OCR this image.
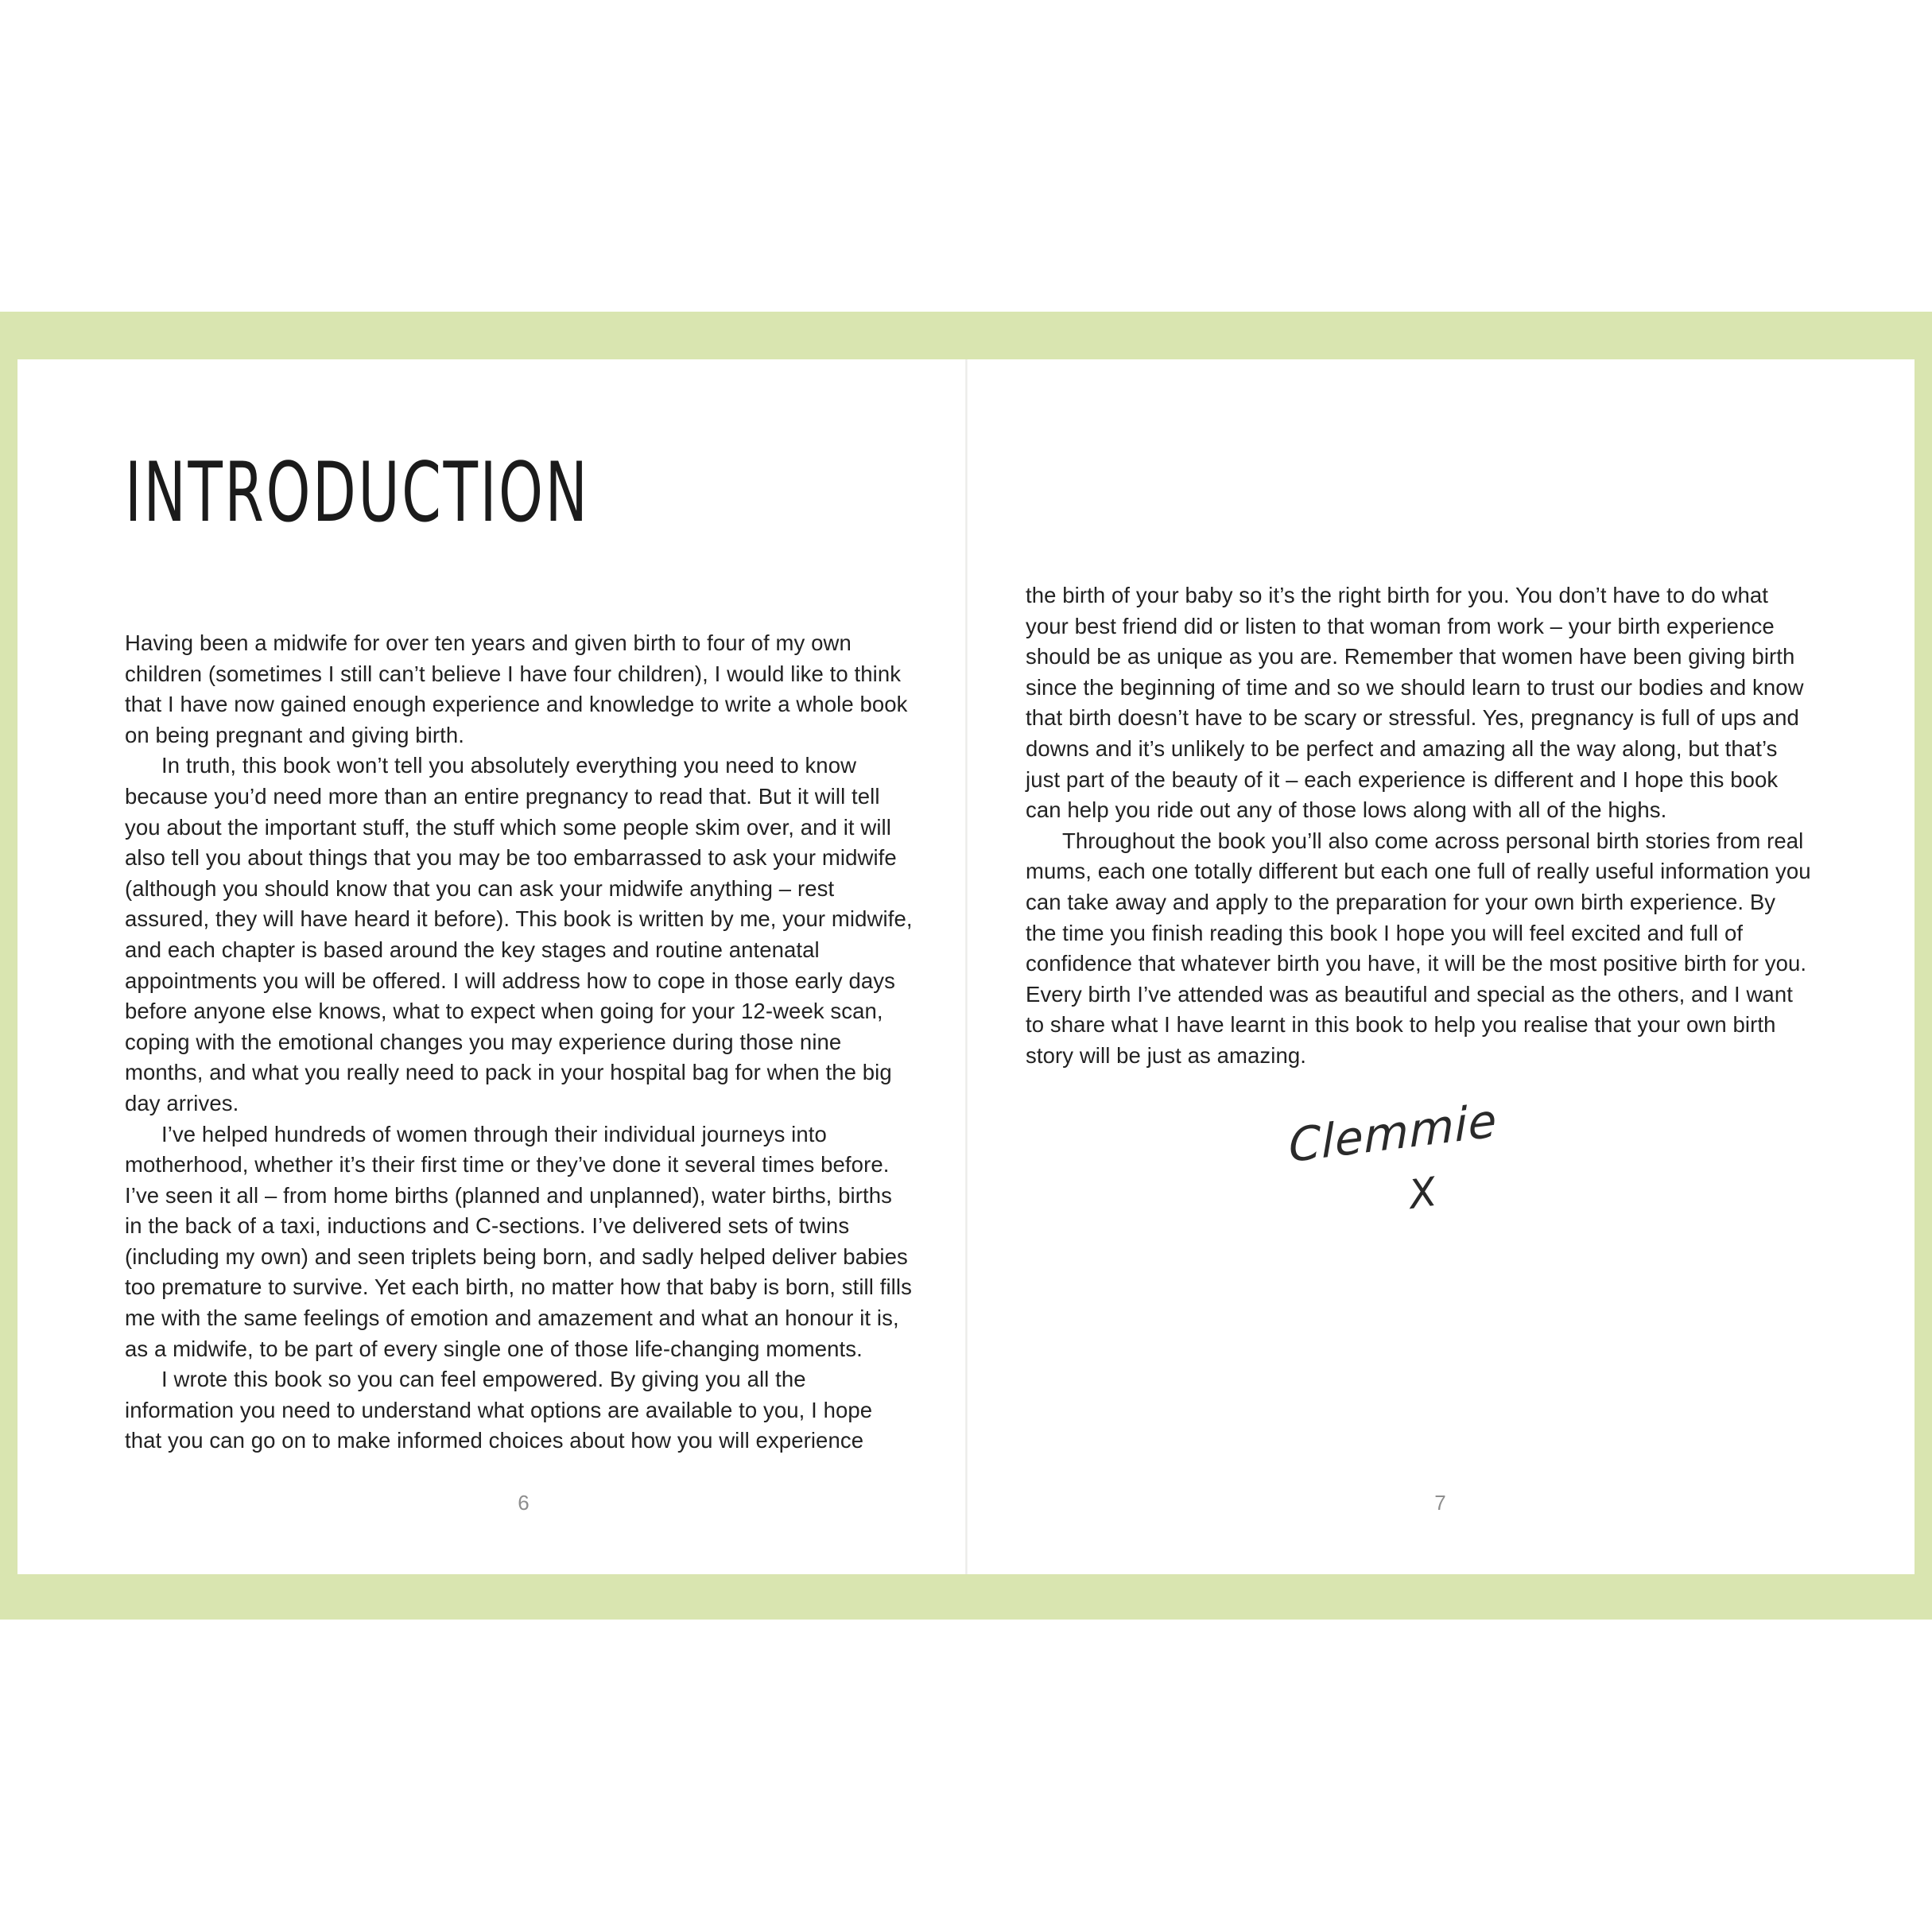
INTRODUCTION

Having been a midwife for over ten years and given birth to four of my own children (sometimes I still can’t believe I have four children), I would like to think that I have now gained enough experience and knowledge to write a whole book on being pregnant and giving birth.

In truth, this book won’t tell you absolutely everything you need to know because you’d need more than an entire pregnancy to read that. But it will tell you about the important stuff, the stuff which some people skim over, and it will also tell you about things that you may be too embarrassed to ask your midwife (although you should know that you can ask your midwife anything – rest assured, they will have heard it before). This book is written by me, your midwife, and each chapter is based around the key stages and routine antenatal appointments you will be offered. I will address how to cope in those early days before anyone else knows, what to expect when going for your 12-week scan, coping with the emotional changes you may experience during those nine months, and what you really need to pack in your hospital bag for when the big day arrives.

I’ve helped hundreds of women through their individual journeys into motherhood, whether it’s their first time or they’ve done it several times before. I’ve seen it all – from home births (planned and unplanned), water births, births in the back of a taxi, inductions and C-sections. I’ve delivered sets of twins (including my own) and seen triplets being born, and sadly helped deliver babies too premature to survive. Yet each birth, no matter how that baby is born, still fills me with the same feelings of emotion and amazement and what an honour it is, as a midwife, to be part of every single one of those life-changing moments.

I wrote this book so you can feel empowered. By giving you all the information you need to understand what options are available to you, I hope that you can go on to make informed choices about how you will experience

6

the birth of your baby so it’s the right birth for you. You don’t have to do what your best friend did or listen to that woman from work – your birth experience should be as unique as you are. Remember that women have been giving birth since the beginning of time and so we should learn to trust our bodies and know that birth doesn’t have to be scary or stressful. Yes, pregnancy is full of ups and downs and it’s unlikely to be perfect and amazing all the way along, but that’s just part of the beauty of it – each experience is different and I hope this book can help you ride out any of those lows along with all of the highs.

Throughout the book you’ll also come across personal birth stories from real mums, each one totally different but each one full of really useful information you can take away and apply to the preparation for your own birth experience. By the time you finish reading this book I hope you will feel excited and full of confidence that whatever birth you have, it will be the most positive birth for you. Every birth I’ve attended was as beautiful and special as the others, and I want to share what I have learnt in this book to help you realise that your own birth story will be just as amazing.

Clemmie
X
7
